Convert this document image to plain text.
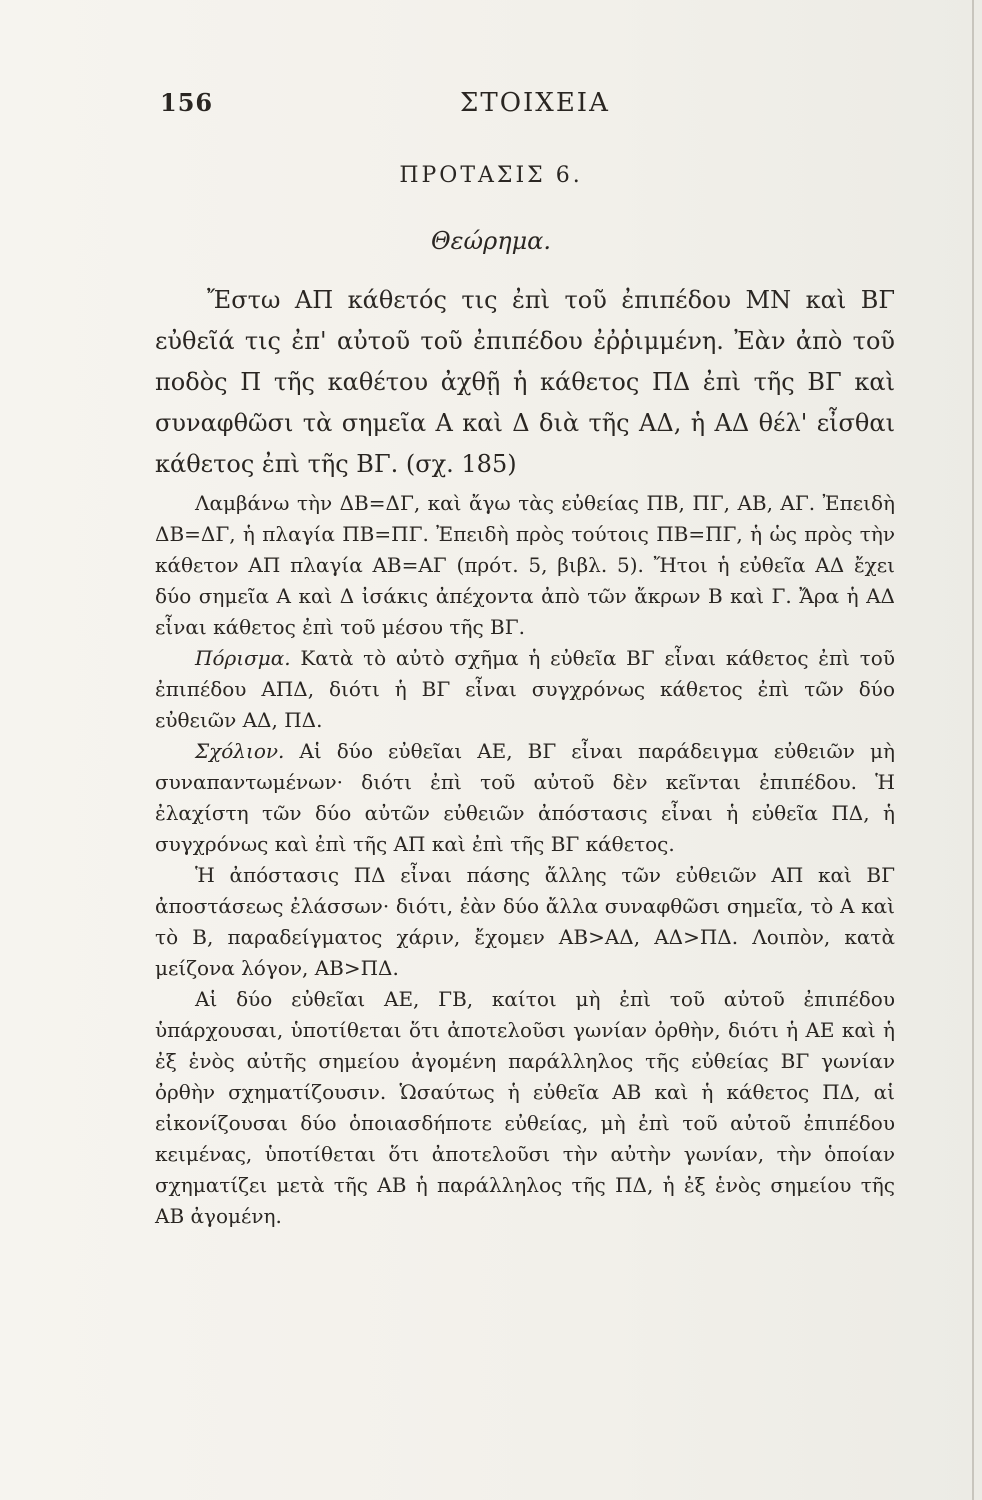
156	ΣΤΟΙΧΕΙΑ
ΠΡΟΤΑΣΙΣ 6.
Θεώρημα.

Ἔστω ΑΠ κάθετός τις ἐπὶ τοῦ ἐπιπέδου ΜΝ καὶ ΒΓ εὐθεῖά τις ἐπ' αὐτοῦ τοῦ ἐπιπέδου ἐῤῥιμμένη. Ἐὰν ἀπὸ τοῦ ποδὸς Π τῆς καθέτου ἀχθῇ ἡ κάθετος ΠΔ ἐπὶ τῆς ΒΓ καὶ συναφθῶσι τὰ σημεῖα Α καὶ Δ διὰ τῆς ΑΔ, ἡ ΑΔ θέλ' εἶσθαι κάθετος ἐπὶ τῆς ΒΓ. (σχ. 185)

Λαμβάνω τὴν ΔΒ=ΔΓ, καὶ ἄγω τὰς εὐθείας ΠΒ, ΠΓ, ΑΒ, ΑΓ. Ἐπειδὴ ΔΒ=ΔΓ, ἡ πλαγία ΠΒ=ΠΓ. Ἐπειδὴ πρὸς τούτοις ΠΒ=ΠΓ, ἡ ὡς πρὸς τὴν κάθετον ΑΠ πλαγία ΑΒ=ΑΓ (πρότ. 5, βιβλ. 5). Ἤτοι ἡ εὐθεῖα ΑΔ ἔχει δύο σημεῖα Α καὶ Δ ἰσάκις ἀπέχοντα ἀπὸ τῶν ἄκρων Β καὶ Γ. Ἄρα ἡ ΑΔ εἶναι κάθετος ἐπὶ τοῦ μέσου τῆς ΒΓ.

Πόρισμα. Κατὰ τὸ αὐτὸ σχῆμα ἡ εὐθεῖα ΒΓ εἶναι κάθετος ἐπὶ τοῦ ἐπιπέδου ΑΠΔ, διότι ἡ ΒΓ εἶναι συγχρόνως κάθετος ἐπὶ τῶν δύο εὐθειῶν ΑΔ, ΠΔ.

Σχόλιον. Αἱ δύο εὐθεῖαι ΑΕ, ΒΓ εἶναι παράδειγμα εὐθειῶν μὴ συναπαντωμένων· διότι ἐπὶ τοῦ αὐτοῦ δὲν κεῖνται ἐπιπέδου. Ἡ ἐλαχίστη τῶν δύο αὐτῶν εὐθειῶν ἀπόστασις εἶναι ἡ εὐθεῖα ΠΔ, ἡ συγχρόνως καὶ ἐπὶ τῆς ΑΠ καὶ ἐπὶ τῆς ΒΓ κάθετος.

Ἡ ἀπόστασις ΠΔ εἶναι πάσης ἄλλης τῶν εὐθειῶν ΑΠ καὶ ΒΓ ἀποστάσεως ἐλάσσων· διότι, ἐὰν δύο ἄλλα συναφθῶσι σημεῖα, τὸ Α καὶ τὸ Β, παραδείγματος χάριν, ἔχομεν ΑΒ>ΑΔ, ΑΔ>ΠΔ. Λοιπὸν, κατὰ μείζονα λόγον, ΑΒ>ΠΔ.

Αἱ δύο εὐθεῖαι ΑΕ, ΓΒ, καίτοι μὴ ἐπὶ τοῦ αὐτοῦ ἐπιπέδου ὑπάρχουσαι, ὑποτίθεται ὅτι ἀποτελοῦσι γωνίαν ὀρθὴν, διότι ἡ ΑΕ καὶ ἡ ἐξ ἑνὸς αὐτῆς σημείου ἀγομένη παράλληλος τῆς εὐθείας ΒΓ γωνίαν ὀρθὴν σχηματίζουσιν. Ὡσαύτως ἡ εὐθεῖα ΑΒ καὶ ἡ κάθετος ΠΔ, αἱ εἰκονίζουσαι δύο ὁποιασδήποτε εὐθείας, μὴ ἐπὶ τοῦ αὐτοῦ ἐπιπέδου κειμένας, ὑποτίθεται ὅτι ἀποτελοῦσι τὴν αὐτὴν γωνίαν, τὴν ὁποίαν σχηματίζει μετὰ τῆς ΑΒ ἡ παράλληλος τῆς ΠΔ, ἡ ἐξ ἑνὸς σημείου τῆς ΑΒ ἀγομένη.
